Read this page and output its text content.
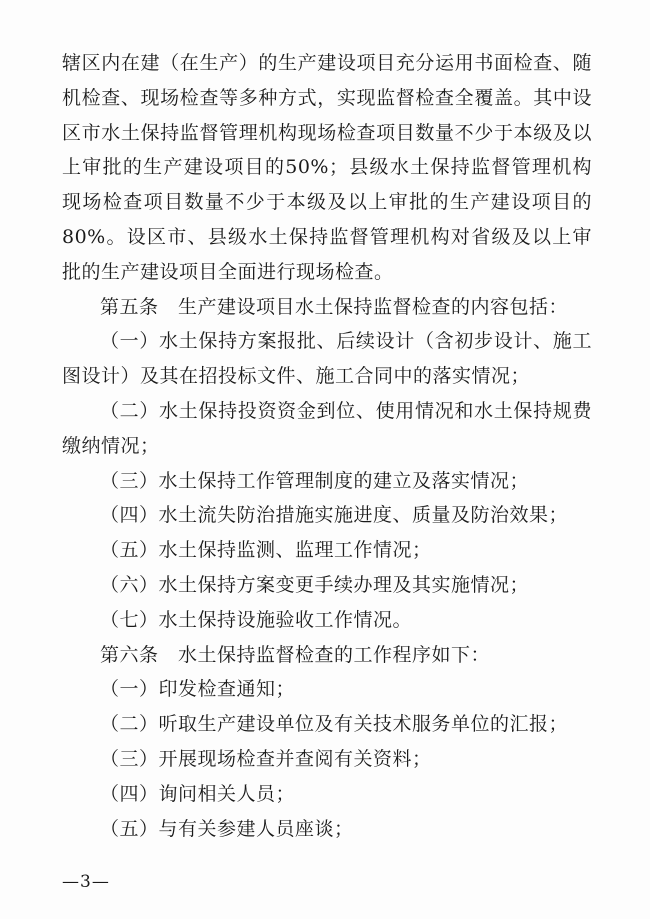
辖区内在建（在生产）的生产建设项目充分运用书面检查、随机检查、现场检查等多种方式，实现监督检查全覆盖。其中设区市水土保持监督管理机构现场检查项目数量不少于本级及以上审批的生产建设项目的50%；县级水土保持监督管理机构现场检查项目数量不少于本级及以上审批的生产建设项目的80%。设区市、县级水土保持监督管理机构对省级及以上审批的生产建设项目全面进行现场检查。

第五条　生产建设项目水土保持监督检查的内容包括：

（一）水土保持方案报批、后续设计（含初步设计、施工图设计）及其在招投标文件、施工合同中的落实情况；

（二）水土保持投资资金到位、使用情况和水土保持规费缴纳情况；

（三）水土保持工作管理制度的建立及落实情况；

（四）水土流失防治措施实施进度、质量及防治效果；

（五）水土保持监测、监理工作情况；

（六）水土保持方案变更手续办理及其实施情况；

（七）水土保持设施验收工作情况。

第六条　水土保持监督检查的工作程序如下：

（一）印发检查通知；

（二）听取生产建设单位及有关技术服务单位的汇报；

（三）开展现场检查并查阅有关资料；

（四）询问相关人员；

（五）与有关参建人员座谈；

—3—
